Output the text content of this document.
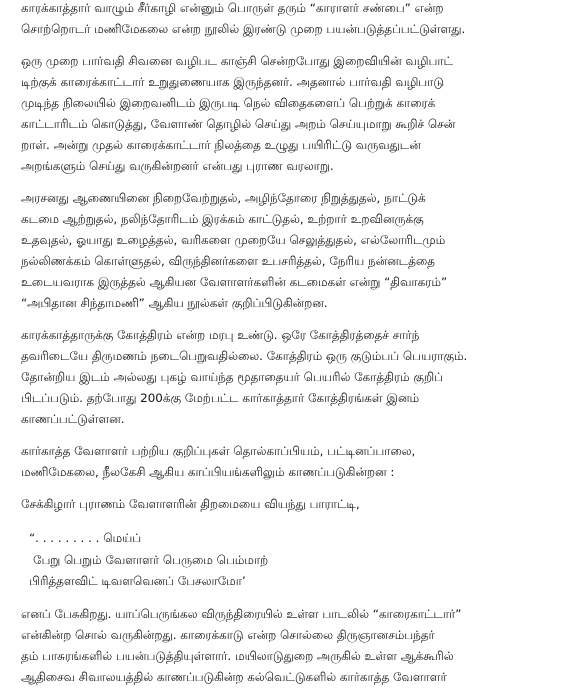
காரக்காத்தார் வாழும் சீர்காழி என்னும் பொருள் தரும் “காராளர் சண்பை” என்ற
சொற்றொடர் மணிமேகலை என்ற நூலில் இரண்டு முறை பயன்படுத்தப்பட்டுள்ளது.

ஒரு முறை பார்வதி சிவனை வழிபட காஞ்சி சென்றபோது இறைவியின் வழிபாட்
டிற்குக் காரைக்காட்டார் உறுதுணையாக இருந்தனர். அதனால் பார்வதி வழிபாடு
முடிந்த நிலையில் இறைவனிடம் இருபடி நெல் விதைகளைப் பெற்றுக் காரைக்
காட்டாரிடம் கொடுத்து, வேளாண் தொழில் செய்து அறம் செய்யுமாறு கூறிச் சென்
றாள். அன்று முதல் காரைக்காட்டார் நிலத்தை உழுது பயிரிட்டு வருவதுடன்
அறங்களும் செய்து வருகின்றனர் என்பது புராண வரலாறு.

அரசனது ஆணையினை நிறைவேற்றுதல், அழிந்தோரை நிறுத்துதல், நாட்டுக்
கடமை ஆற்றுதல், நலிந்தோரிடம் இரக்கம் காட்டுதல், உற்றார் உறவினருக்கு
உதவுதல், ஓயாது உழைத்தல், வரிகளை முறையே செலுத்துதல், எல்லோரிடமும்
நல்லிணக்கம் கொள்ளுதல், விருந்தினர்களை உபசரித்தல், நேரிய நன்னடத்தை
உடையவராக இருத்தல் ஆகியன வேளாளர்களின் கடமைகள் என்று “திவாகரம்”
“அபிதான சிந்தாமணி” ஆகிய நூல்கள் குறிப்பிடுகின்றன.

காரக்காத்தாருக்கு கோத்திரம் என்ற மரபு உண்டு. ஒரே கோத்திரத்தைச் சார்ந்
தவரிடையே திருமணம் நடைபெறுவதில்லை. கோத்திரம் ஒரு குடும்பப் பெயராகும்.
தோன்றிய இடம் அல்லது புகழ் வாய்ந்த மூதாதையர் பெயரில் கோத்திரம் குறிப்
பிடப்படும். தற்போது 200க்கு மேற்பட்ட கார்காத்தார் கோத்திரங்கள் இனம்
காணப்பட்டுள்ளன.

கார்காத்த வேளாளர் பற்றிய குறிப்புகள் தொல்காப்பியம், பட்டினப்பாலை,
மணிமேகலை, நீலகேசி ஆகிய காப்பியங்களிலும் காணப்படுகின்றன :

சேக்கிழார் புராணம் வேளாளரின் திறமையை வியந்து பாராட்டி,

“. . . . . . . . . மெய்ப்
பேறு பெறும் வேளாளர் பெருமை பெம்மாற்
பிரித்தளவிட் டிவளவெனப் பேசலாமோ’

எனப் பேசுகிறது. யாப்பெருங்கல விருந்திரையில் உள்ள பாடலில் “காரைகாட்டார்”
என்கின்ற சொல் வருகின்றது. காரைக்காடு என்ற சொல்லை திருஞானசம்பந்தர்
தம் பாசுரங்களில் பயன்படுத்தியுள்ளார். மயிலாடுதுறை அருகில் உள்ள ஆக்கூரில்
ஆதிசைவ சிவாலயத்தில் காணப்படுகின்ற கல்வெட்டுகளில் கார்காத்த வேளாளர்
